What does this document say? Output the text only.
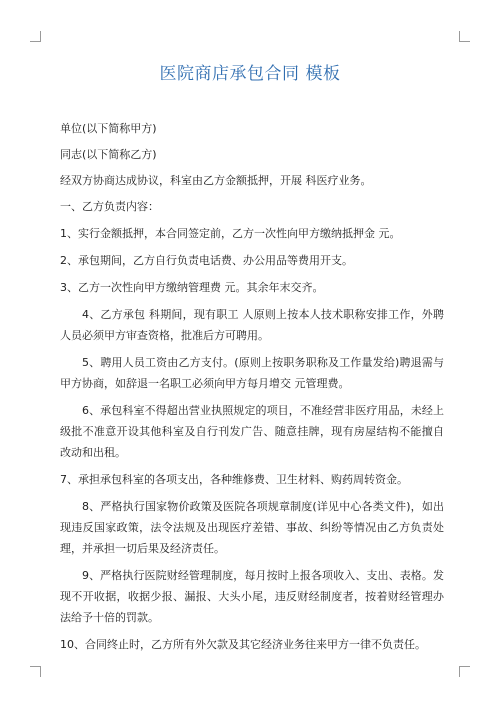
医院商店承包合同 模板

单位(以下简称甲方)

同志(以下简称乙方)

经双方协商达成协议，科室由乙方金额抵押，开展 科医疗业务。

一、乙方负责内容：

1、实行金额抵押，本合同签定前，乙方一次性向甲方缴纳抵押金 元。

2、承包期间，乙方自行负责电话费、办公用品等费用开支。

3、乙方一次性向甲方缴纳管理费 元。其余年末交齐。

4、乙方承包 科期间，现有职工 人原则上按本人技术职称安排工作，外聘人员必须甲方审查资格，批准后方可聘用。

5、聘用人员工资由乙方支付。(原则上按职务职称及工作量发给)聘退需与甲方协商，如辞退一名职工必须向甲方每月增交 元管理费。

6、承包科室不得超出营业执照规定的项目，不准经营非医疗用品，未经上级批不准意开设其他科室及自行刊发广告、随意挂牌，现有房屋结构不能擅自改动和出租。

7、承担承包科室的各项支出，各种维修费、卫生材料、购药周转资金。

8、严格执行国家物价政策及医院各项规章制度(详见中心各类文件)，如出现违反国家政策，法令法规及出现医疗差错、事故、纠纷等情况由乙方负责处理，并承担一切后果及经济责任。

9、严格执行医院财经管理制度，每月按时上报各项收入、支出、表格。发现不开收据，收据少报、漏报、大头小尾，违反财经制度者，按着财经管理办法给予十倍的罚款。

10、合同终止时，乙方所有外欠款及其它经济业务往来甲方一律不负责任。
